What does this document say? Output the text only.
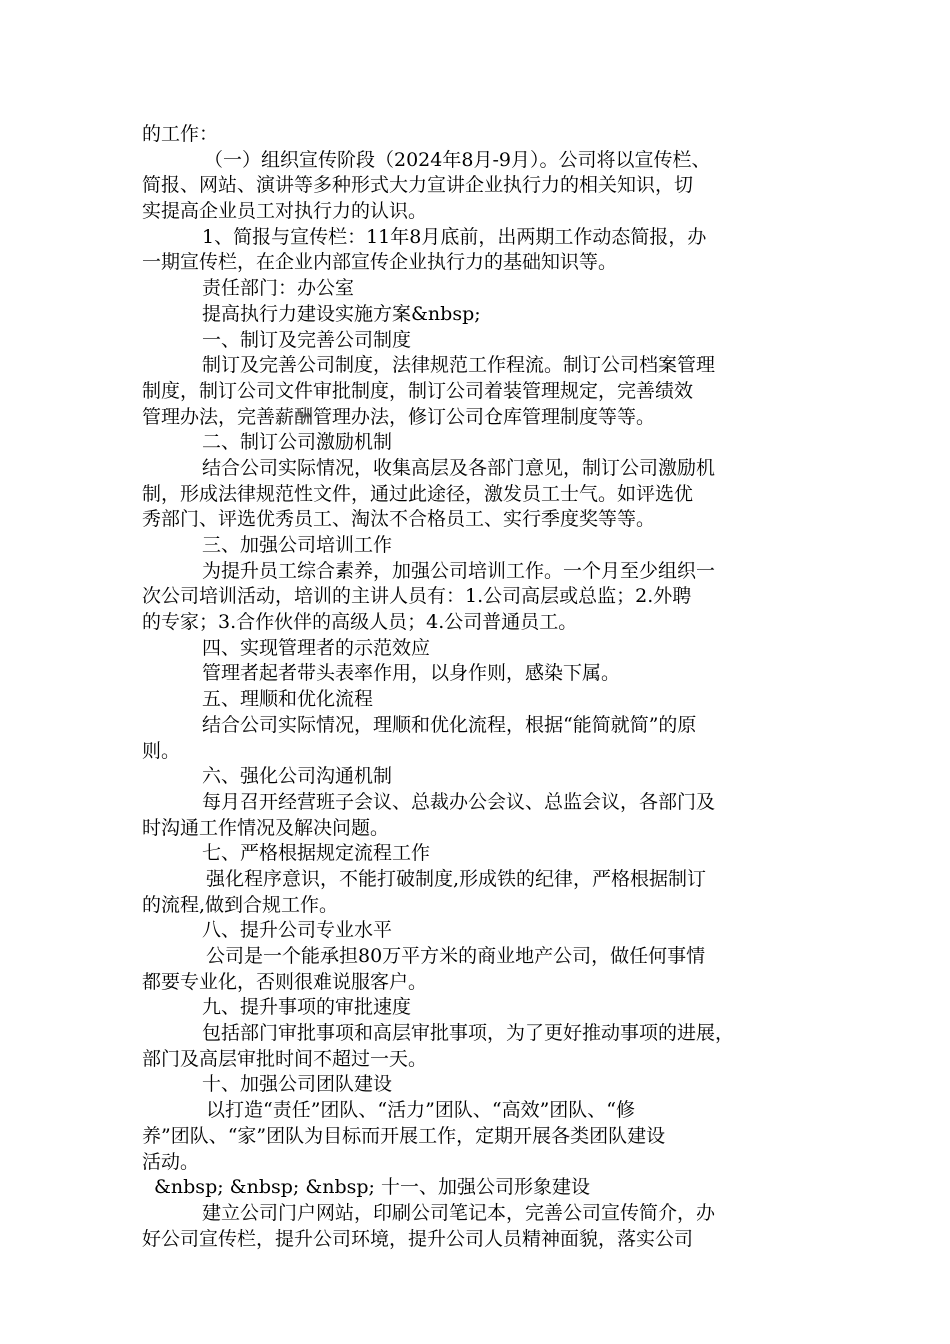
的工作：

（一）组织宣传阶段（2024年8月-9月）。公司将以宣传栏、

简报、网站、演讲等多种形式大力宣讲企业执行力的相关知识，切

实提高企业员工对执行力的认识。

1、简报与宣传栏：11年8月底前，出两期工作动态简报，办

一期宣传栏，在企业内部宣传企业执行力的基础知识等。

责任部门：办公室

提高执行力建设实施方案&nbsp;

一、制订及完善公司制度

制订及完善公司制度，法律规范工作程流。制订公司档案管理

制度，制订公司文件审批制度，制订公司着装管理规定，完善绩效

管理办法，完善薪酬管理办法，修订公司仓库管理制度等等。

二、制订公司激励机制

结合公司实际情况，收集高层及各部门意见，制订公司激励机

制，形成法律规范性文件，通过此途径，激发员工士气。如评选优

秀部门、评选优秀员工、淘汰不合格员工、实行季度奖等等。

三、加强公司培训工作

为提升员工综合素养，加强公司培训工作。一个月至少组织一

次公司培训活动，培训的主讲人员有：1.公司高层或总监；2.外聘

的专家；3.合作伙伴的高级人员；4.公司普通员工。

四、实现管理者的示范效应

管理者起者带头表率作用，以身作则，感染下属。

五、理顺和优化流程

结合公司实际情况，理顺和优化流程，根据“能简就简”的原

则。

六、强化公司沟通机制

每月召开经营班子会议、总裁办公会议、总监会议，各部门及

时沟通工作情况及解决问题。

七、严格根据规定流程工作

强化程序意识，不能打破制度,形成铁的纪律，严格根据制订

的流程,做到合规工作。

八、提升公司专业水平

公司是一个能承担80万平方米的商业地产公司，做任何事情

都要专业化，否则很难说服客户。

九、提升事项的审批速度

包括部门审批事项和高层审批事项，为了更好推动事项的进展，

部门及高层审批时间不超过一天。

十、加强公司团队建设

以打造“责任”团队、“活力”团队、“高效”团队、“修

养”团队、“家”团队为目标而开展工作，定期开展各类团队建设

活动。

&nbsp; &nbsp; &nbsp; 十一、加强公司形象建设

建立公司门户网站，印刷公司笔记本，完善公司宣传简介，办

好公司宣传栏，提升公司环境，提升公司人员精神面貌，落实公司
